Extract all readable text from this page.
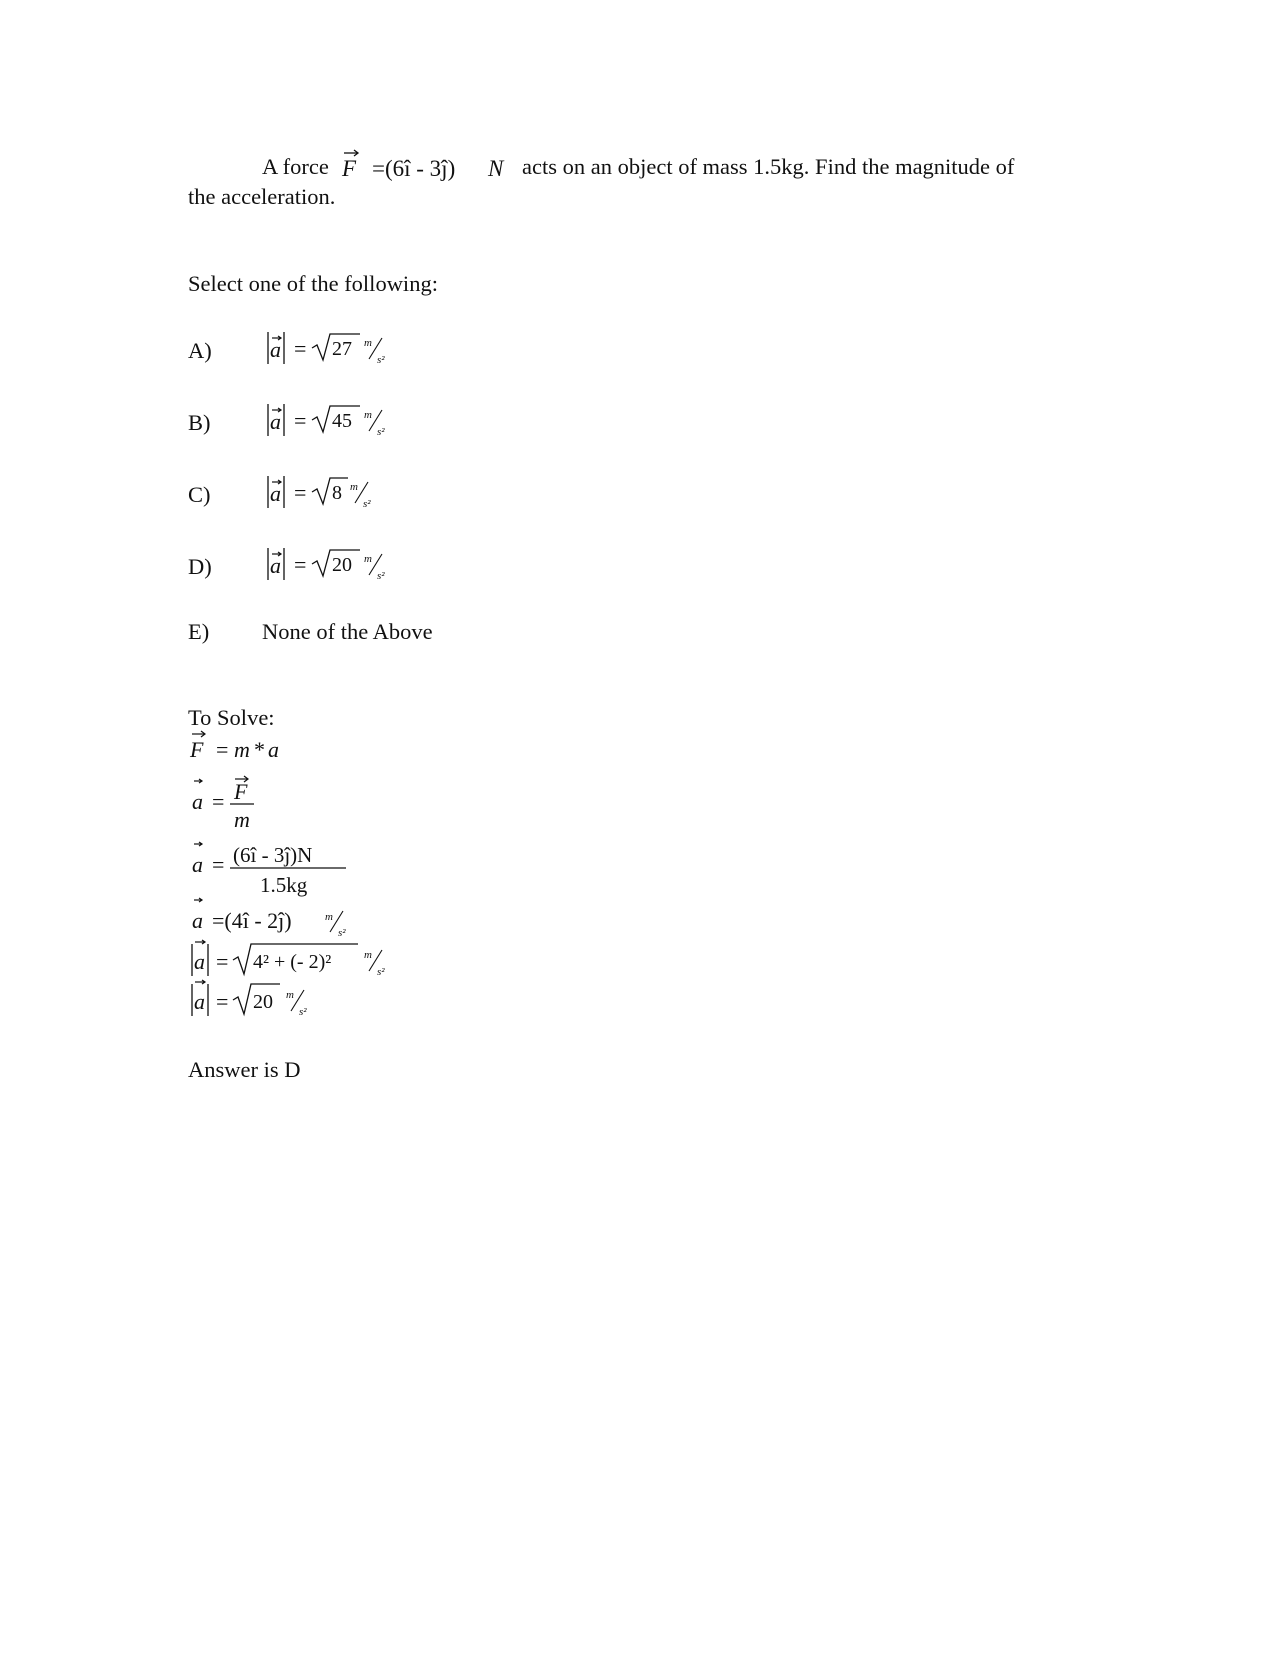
A force F =(6î - 3ĵ) N acts on an object of mass 1.5kg. Find the magnitude of
the acceleration.
Select one of the following:
A)	a = 27 m
s²
B)	a = 45 m
s²
C)	a = 8 m
s²
D)	a = 20 m
s²
E) None of the Above
To Solve:
F = m * a
a = F
m
a = (6î - 3ĵ)N
1.5kg
a =(4î - 2ĵ)	m
s²
a = 4² + (- 2)²	m
s²
a = 20 m
s²
Answer is D
